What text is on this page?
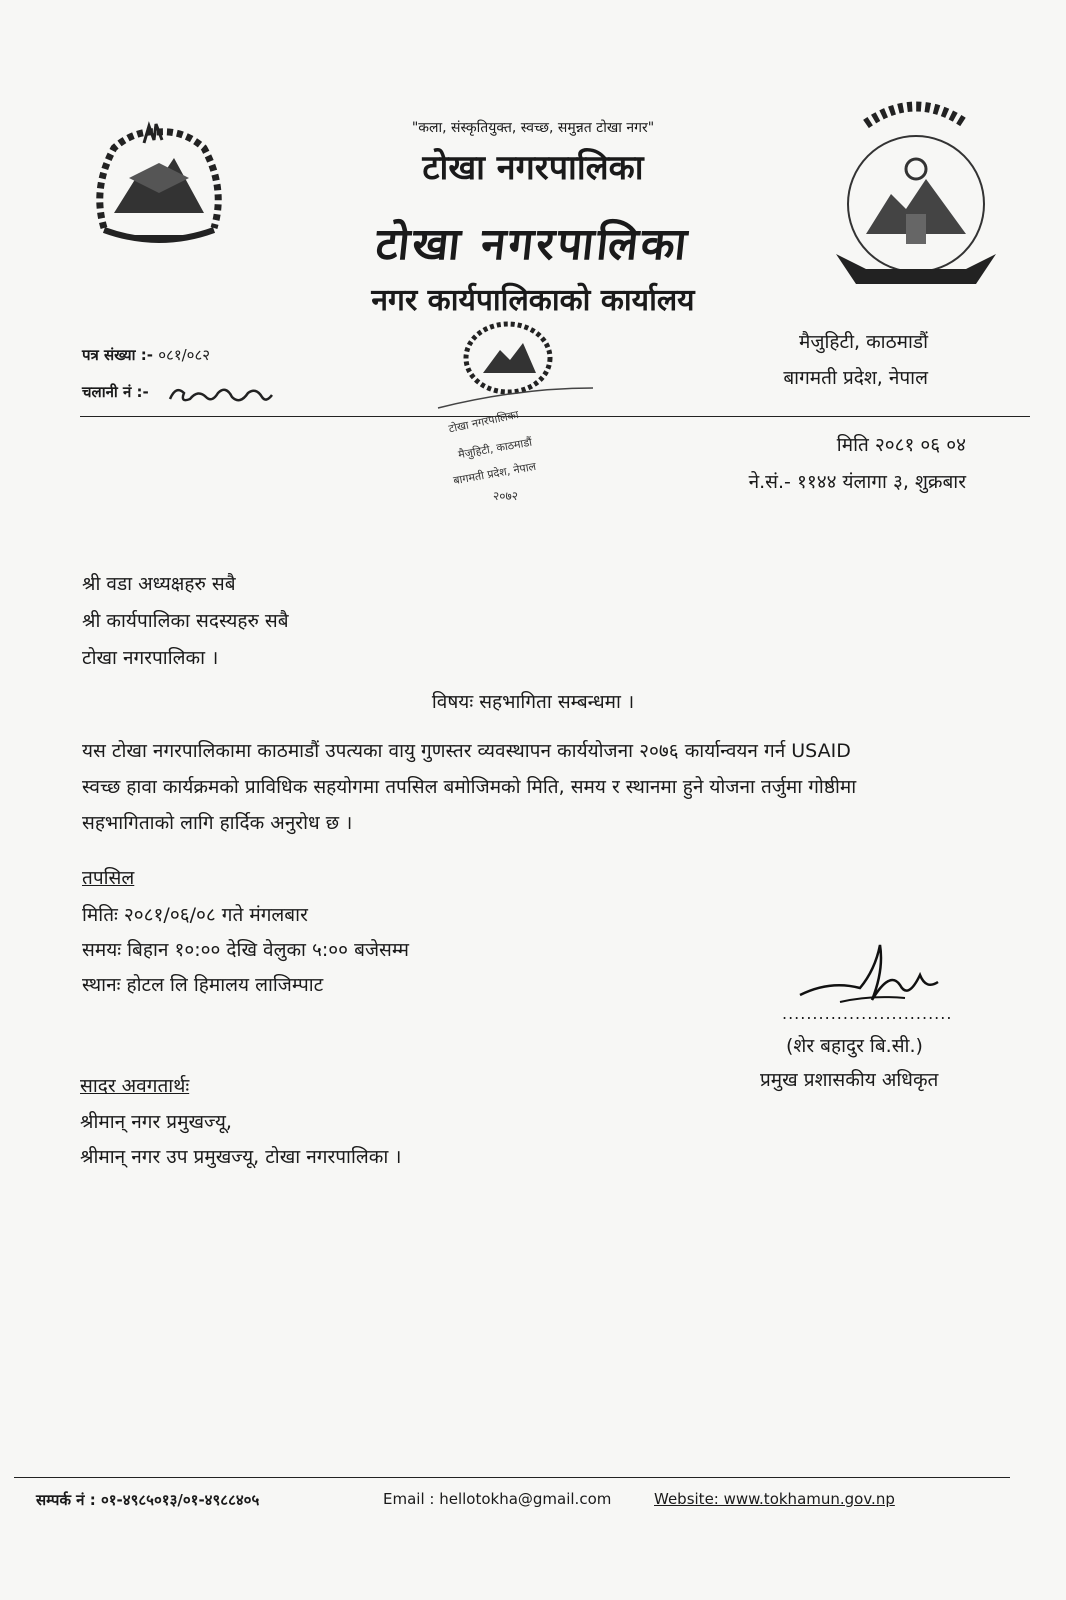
"कला, संस्कृतियुक्त, स्वच्छ, समुन्नत टोखा नगर"
टोखा नगरपालिका
टोखा नगरपालिका
नगर कार्यपालिकाको कार्यालय
पत्र संख्या :- ०८१/०८२
चलानी नं :-
मैजुहिटी, काठमाडौं
बागमती प्रदेश, नेपाल
टोखा नगरपालिका
मैजुहिटी, काठमाडौं
बागमती प्रदेश, नेपाल
२०७२
मिति २०८१ ०६ ०४
ने.सं.- ११४४ यंलागा ३, शुक्रबार
श्री वडा अध्यक्षहरु सबै
श्री कार्यपालिका सदस्यहरु सबै
टोखा नगरपालिका ।
विषयः सहभागिता सम्बन्धमा ।
यस टोखा नगरपालिकामा काठमाडौं उपत्यका वायु गुणस्तर व्यवस्थापन कार्ययोजना २०७६ कार्यान्वयन गर्न USAID
स्वच्छ हावा कार्यक्रमको प्राविधिक सहयोगमा तपसिल बमोजिमको मिति, समय र स्थानमा हुने योजना तर्जुमा गोष्ठीमा
सहभागिताको लागि हार्दिक अनुरोध छ ।
तपसिल
मितिः २०८१/०६/०८ गते मंगलबार
समयः बिहान १०:०० देखि वेलुका ५:०० बजेसम्म
स्थानः होटल लि हिमालय लाजिम्पाट
............................
(शेर बहादुर बि.सी.)
प्रमुख प्रशासकीय अधिकृत
सादर अवगतार्थः
श्रीमान् नगर प्रमुखज्यू,
श्रीमान् नगर उप प्रमुखज्यू, टोखा नगरपालिका ।
सम्पर्क नं : ०१-४९८५०१३/०१-४९८८४०५	Email : hellotokha@gmail.com	Website: www.tokhamun.gov.np
